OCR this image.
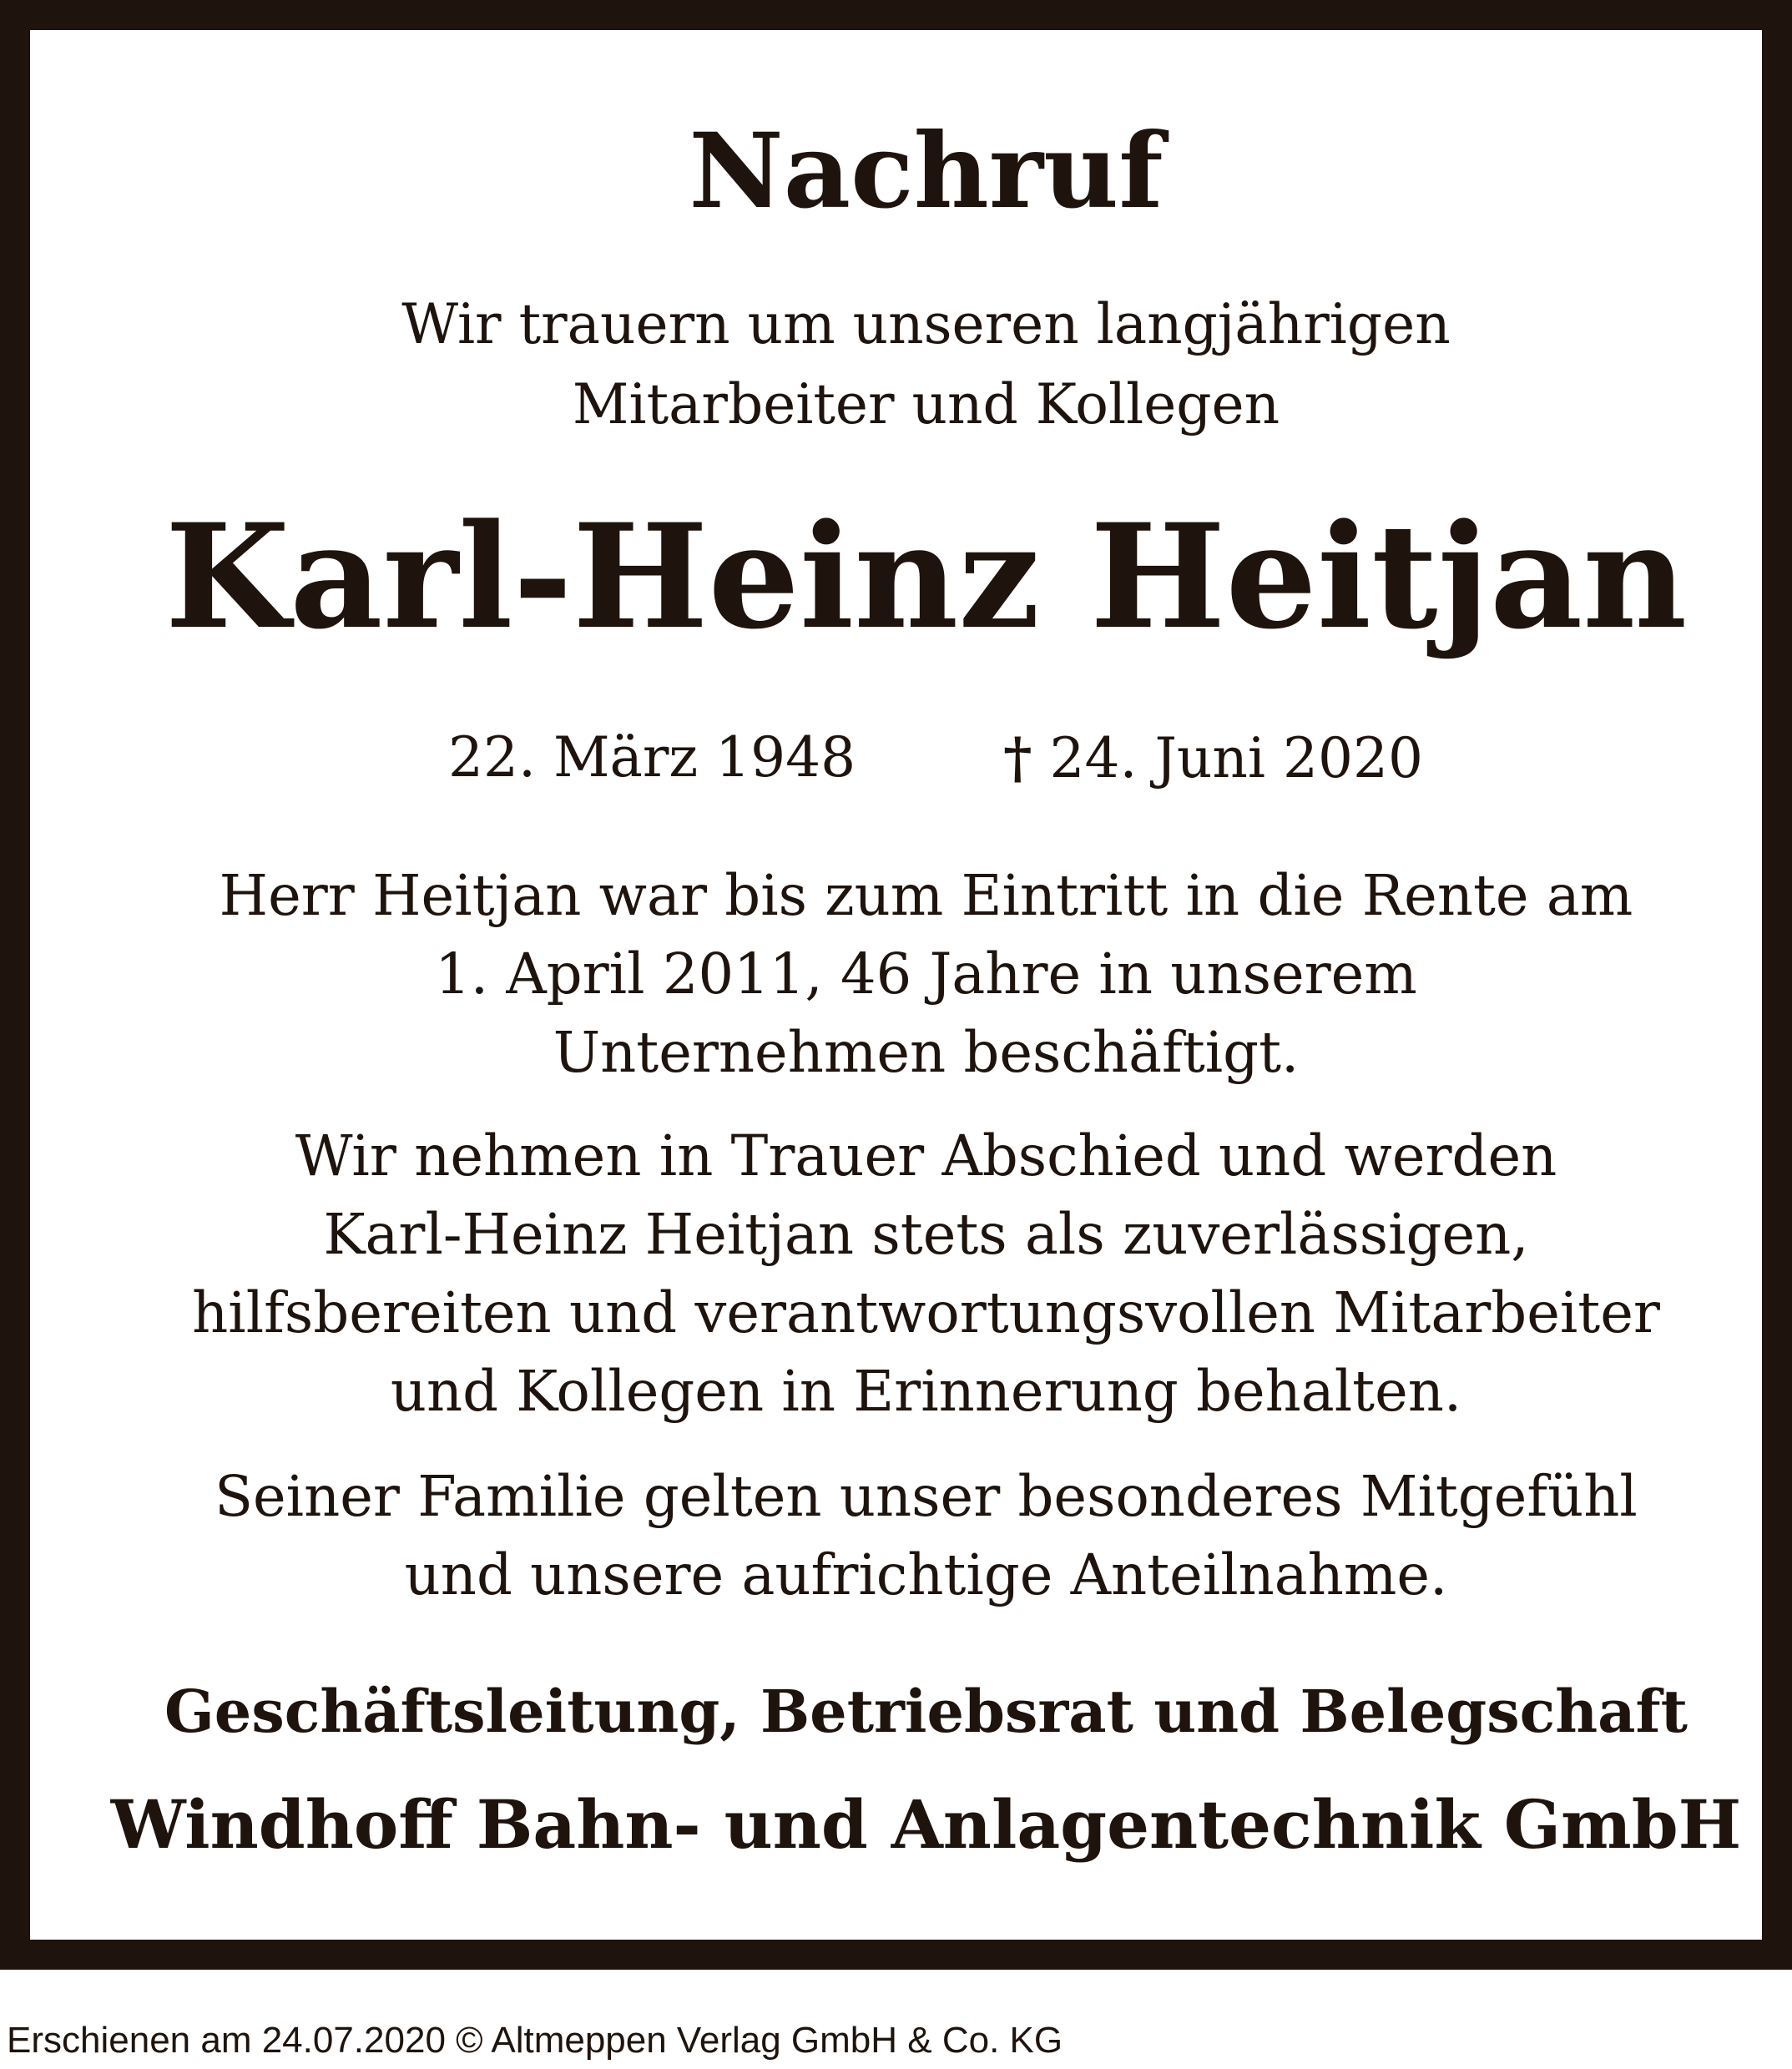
Nachruf
Wir trauern um unseren langjährigen
Mitarbeiter und Kollegen
Karl-Heinz Heitjan
22. März 1948	† 24. Juni 2020
Herr Heitjan war bis zum Eintritt in die Rente am
1. April 2011, 46 Jahre in unserem
Unternehmen beschäftigt.
Wir nehmen in Trauer Abschied und werden
Karl-Heinz Heitjan stets als zuverlässigen,
hilfsbereiten und verantwortungsvollen Mitarbeiter
und Kollegen in Erinnerung behalten.
Seiner Familie gelten unser besonderes Mitgefühl
und unsere aufrichtige Anteilnahme.
Geschäftsleitung, Betriebsrat und Belegschaft
Windhoff Bahn- und Anlagentechnik GmbH
Erschienen am 24.07.2020 © Altmeppen Verlag GmbH & Co. KG
